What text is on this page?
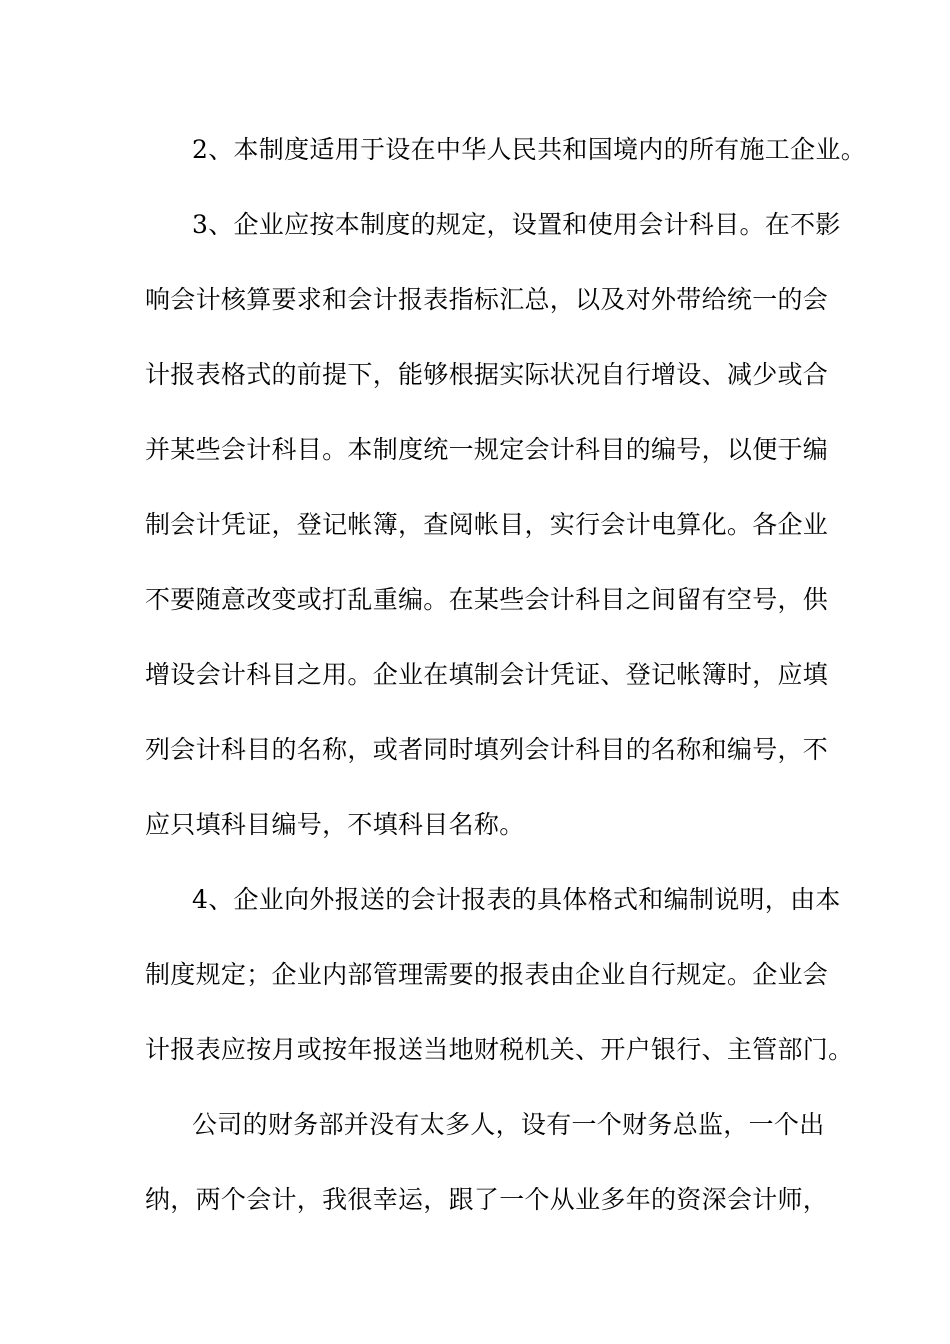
2、本制度适用于设在中华人民共和国境内的所有施工企业。
3、企业应按本制度的规定，设置和使用会计科目。在不影
响会计核算要求和会计报表指标汇总，以及对外带给统一的会
计报表格式的前提下，能够根据实际状况自行增设、减少或合
并某些会计科目。本制度统一规定会计科目的编号，以便于编
制会计凭证，登记帐簿，查阅帐目，实行会计电算化。各企业
不要随意改变或打乱重编。在某些会计科目之间留有空号，供
增设会计科目之用。企业在填制会计凭证、登记帐簿时，应填
列会计科目的名称，或者同时填列会计科目的名称和编号，不
应只填科目编号，不填科目名称。
4、企业向外报送的会计报表的具体格式和编制说明，由本
制度规定；企业内部管理需要的报表由企业自行规定。企业会
计报表应按月或按年报送当地财税机关、开户银行、主管部门。
公司的财务部并没有太多人，设有一个财务总监，一个出
纳，两个会计，我很幸运，跟了一个从业多年的资深会计师，
